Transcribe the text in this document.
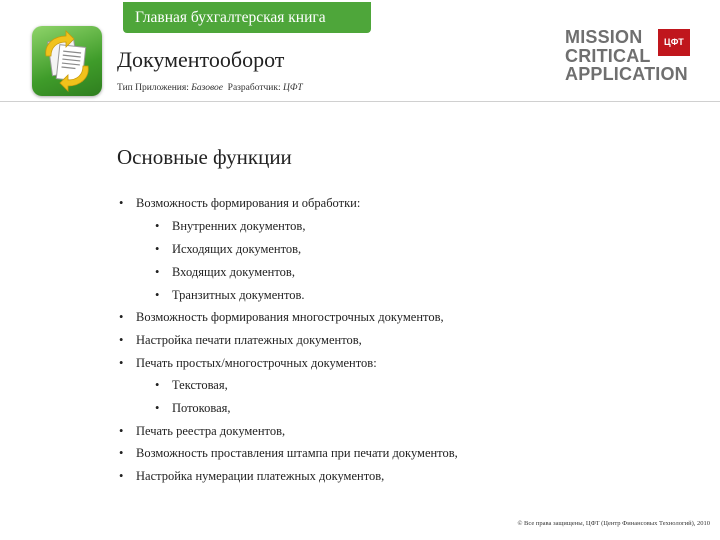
Главная бухгалтерская книга
Документооборот
Тип Приложения: Базовое Разработчик: ЦФТ
MISSION
CRITICAL
APPLICATION
ЦФТ
Основные функции
• Возможность формирования и обработки:
• Внутренних документов,
• Исходящих документов,
• Входящих документов,
• Транзитных документов.
• Возможность формирования многострочных документов,
• Настройка печати платежных документов,
• Печать простых/многострочных документов:
• Текстовая,
• Потоковая,
• Печать реестра документов,
• Возможность проставления штампа при печати документов,
• Настройка нумерации платежных документов,
© Все права защищены, ЦФТ (Центр Финансовых Технологий), 2010
